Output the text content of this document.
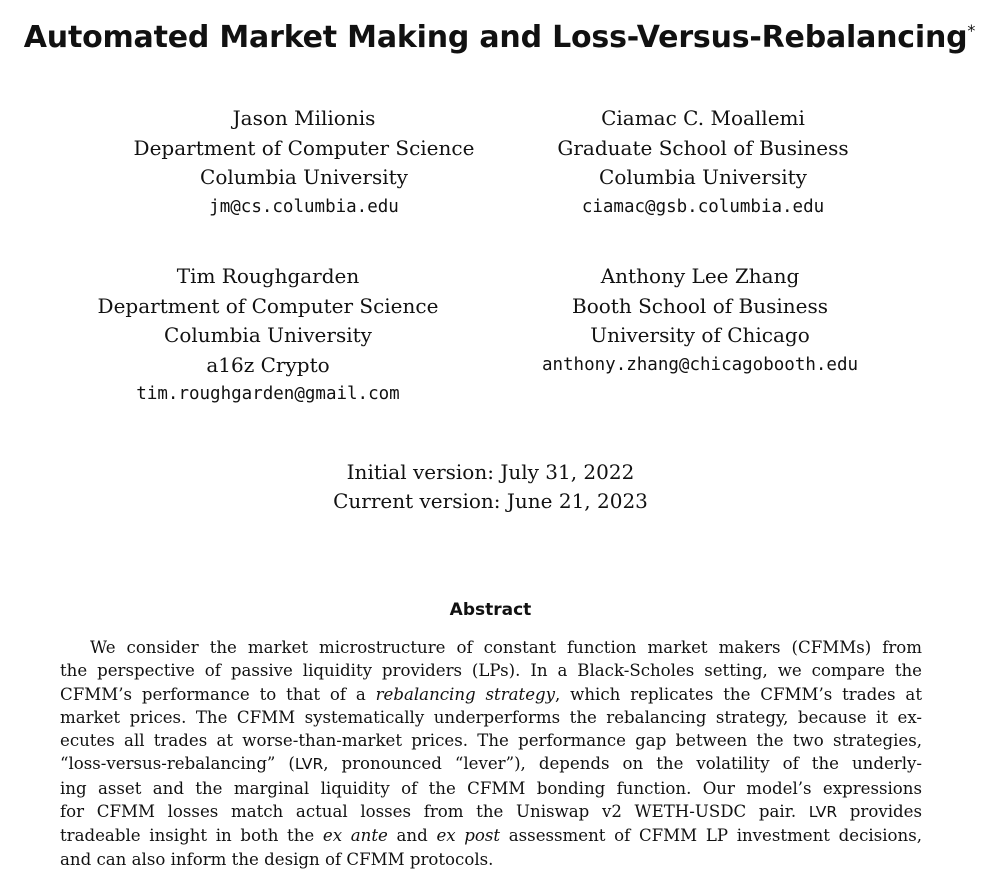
Automated Market Making and Loss-Versus-Rebalancing*
Jason Milionis
Department of Computer Science
Columbia University
jm@cs.columbia.edu
Ciamac C. Moallemi
Graduate School of Business
Columbia University
ciamac@gsb.columbia.edu
Tim Roughgarden
Department of Computer Science
Columbia University
a16z Crypto
tim.roughgarden@gmail.com
Anthony Lee Zhang
Booth School of Business
University of Chicago
anthony.zhang@chicagobooth.edu
Initial version: July 31, 2022
Current version: June 21, 2023
Abstract
We consider the market microstructure of constant function market makers (CFMMs) from
the perspective of passive liquidity providers (LPs). In a Black-Scholes setting, we compare the
CFMM’s performance to that of a rebalancing strategy, which replicates the CFMM’s trades at
market prices. The CFMM systematically underperforms the rebalancing strategy, because it ex-
ecutes all trades at worse-than-market prices. The performance gap between the two strategies,
“loss-versus-rebalancing” (LVR, pronounced “lever”), depends on the volatility of the underly-
ing asset and the marginal liquidity of the CFMM bonding function. Our model’s expressions
for CFMM losses match actual losses from the Uniswap v2 WETH-USDC pair. LVR provides
tradeable insight in both the ex ante and ex post assessment of CFMM LP investment decisions,
and can also inform the design of CFMM protocols.
